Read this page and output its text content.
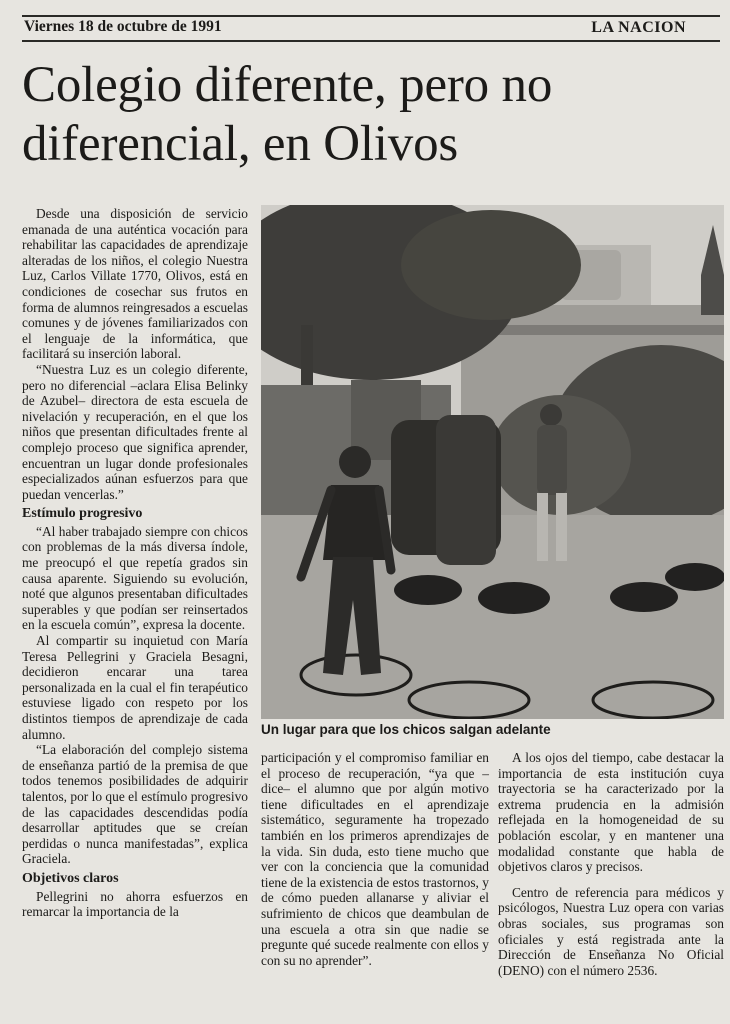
Viernes 18 de octubre de 1991	LA NACION
Colegio diferente, pero no diferencial, en Olivos

Desde una disposición de servicio emanada de una auténtica vocación para rehabilitar las capacidades de aprendizaje alteradas de los niños, el colegio Nuestra Luz, Carlos Villate 1770, Olivos, está en condiciones de cosechar sus frutos en forma de alumnos reingresados a escuelas comunes y de jóvenes familiarizados con el lenguaje de la informática, que facilitará su inserción laboral.

“Nuestra Luz es un colegio diferente, pero no diferencial –aclara Elisa Belinky de Azubel– directora de esta escuela de nivelación y recuperación, en el que los niños que presentan dificultades frente al complejo proceso que significa aprender, encuentran un lugar donde profesionales especializados aúnan esfuerzos para que puedan vencerlas.”

Estímulo progresivo

“Al haber trabajado siempre con chicos con problemas de la más diversa índole, me preocupó el que repetía grados sin causa aparente. Siguiendo su evolución, noté que algunos presentaban dificultades superables y que podían ser reinsertados en la escuela común”, expresa la docente.

Al compartir su inquietud con María Teresa Pellegrini y Graciela Besagni, decidieron encarar una tarea personalizada en la cual el fin terapéutico estuviese ligado con respeto por los distintos tiempos de aprendizaje de cada alumno.

“La elaboración del complejo sistema de enseñanza partió de la premisa de que todos tenemos posibilidades de adquirir talentos, por lo que el estímulo progresivo de las capacidades descendidas podía desarrollar aptitudes que se creían perdidas o nunca manifestadas”, explica Graciela.

Objetivos claros

Pellegrini no ahorra esfuerzos en remarcar la importancia de la

Un lugar para que los chicos salgan adelante

participación y el compromiso familiar en el proceso de recuperación, “ya que –dice– el alumno que por algún motivo tiene dificultades en el aprendizaje sistemático, seguramente ha tropezado también en los primeros aprendizajes de la vida. Sin duda, esto tiene mucho que ver con la conciencia que la comunidad tiene de la existencia de estos trastornos, y de cómo pueden allanarse y aliviar el sufrimiento de chicos que deambulan de una escuela a otra sin que nadie se pregunte qué sucede realmente con ellos y con su no aprender”.

A los ojos del tiempo, cabe destacar la importancia de esta institución cuya trayectoria se ha caracterizado por la extrema prudencia en la admisión reflejada en la homogeneidad de su población escolar, y en mantener una modalidad constante que habla de objetivos claros y precisos.

Centro de referencia para médicos y psicólogos, Nuestra Luz opera con varias obras sociales, sus programas son oficiales y está registrada ante la Dirección de Enseñanza No Oficial (DENO) con el número 2536.
